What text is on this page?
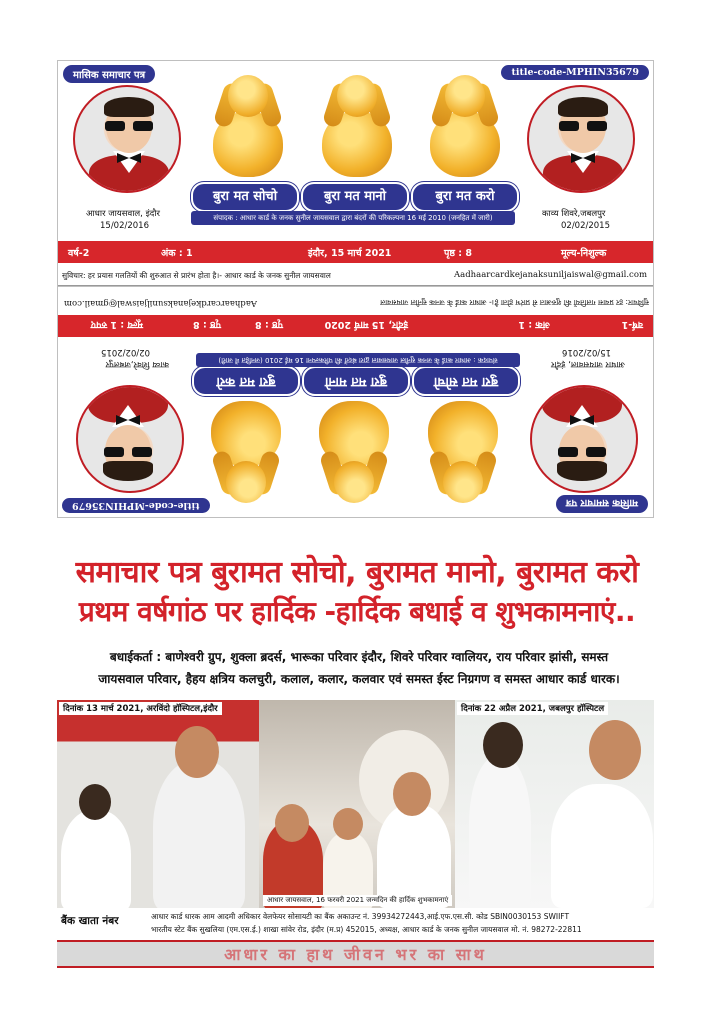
मासिक समाचार पत्र	title-code-MPHIN35679
आधार जायसवाल, इंदौर
15/02/2016
काव्य शिवरे,जबलपुर
02/02/2015
बुरा मत सोचो	बुरा मत मानो	बुरा मत करो
संपादक : आधार कार्ड के जनक सुनील जायसवाल द्वारा बंदरों की परिकल्पना 16 मई 2010 (जनहित में जारी)
वर्ष-2	अंक : 1	इंदौर, 15 मार्च 2021	पृष्ठ : 8	मूल्य-निशुल्क
सुविचार: हर प्रयास गलतियों की शुरुआत से प्रारंभ होता है।- आधार कार्ड के जनक सुनील जायसवाल	Aadhaarcardkejanaksuniljaiswal@gmail.com
मासिक समाचार पत्र
title-code-MPHIN35679
आधार जायसवाल, इंदौर
15/02/2016
काव्य शिवरे,जबलपुर
02/02/2015
बुरा मत सोचो
बुरा मत मानो
बुरा मत करो
संपादक : आधार कार्ड के जनक सुनील जायसवाल द्वारा बंदरों की परिकल्पना 16 मई 2010 (जनहित में जारी)
वर्ष-1
अंक : 1
इंदौर, 15 मार्च 2020
पृष्ठ : 8
पृष्ठ : 8
मूल्य : 1 रुपए
सुविचार: हर प्रयास गलतियों की शुरुआत से प्रारंभ होता है।- आधार कार्ड के जनक सुनील जायसवाल
Aadhaarcardkejanaksuniljaiswal@gmail.com
समाचार पत्र बुरामत सोचो, बुरामत मानो, बुरामत करो
प्रथम वर्षगांठ पर हार्दिक -हार्दिक बधाई व शुभकामनाएं..
बधाईकर्ता : बाणेश्वरी ग्रुप, शुक्ला ब्रदर्स, भारूका परिवार इंदौर, शिवरे परिवार ग्वालियर, राय परिवार झांसी, समस्त
जायसवाल परिवार, हैहय क्षत्रिय कलचुरी, कलाल, कलार, कलवार एवं समस्त ईस्ट निग्रगण व समस्त आधार कार्ड धारक।
दिनांक 13 मार्च 2021, अरविंदो हॉस्पिटल,इंदौर
आधार जायसवाल, 16 फरवरी 2021 जन्मदिन की हार्दिक शुभकामनाएं
दिनांक 22 अप्रैल 2021, जबलपुर हॉस्पिटल
बैंक खाता नंबर	आधार कार्ड धारक आम आदमी अधिकार वेलफेयर सोसायटी का बैंक अकाउन्ट नं. 39934272443,आई.एफ.एस.सी. कोड SBIN0030153 SWIIFT
भारतीय स्टेट बैंक सुखलिया (एम.एस.ई.) शाखा सांवेर रोड, इंदौर (म.प्र) 452015, अध्यक्ष, आधार कार्ड के जनक सुनील जायसवाल मो. नं. 98272-22811
आधार का हाथ जीवन भर का साथ
